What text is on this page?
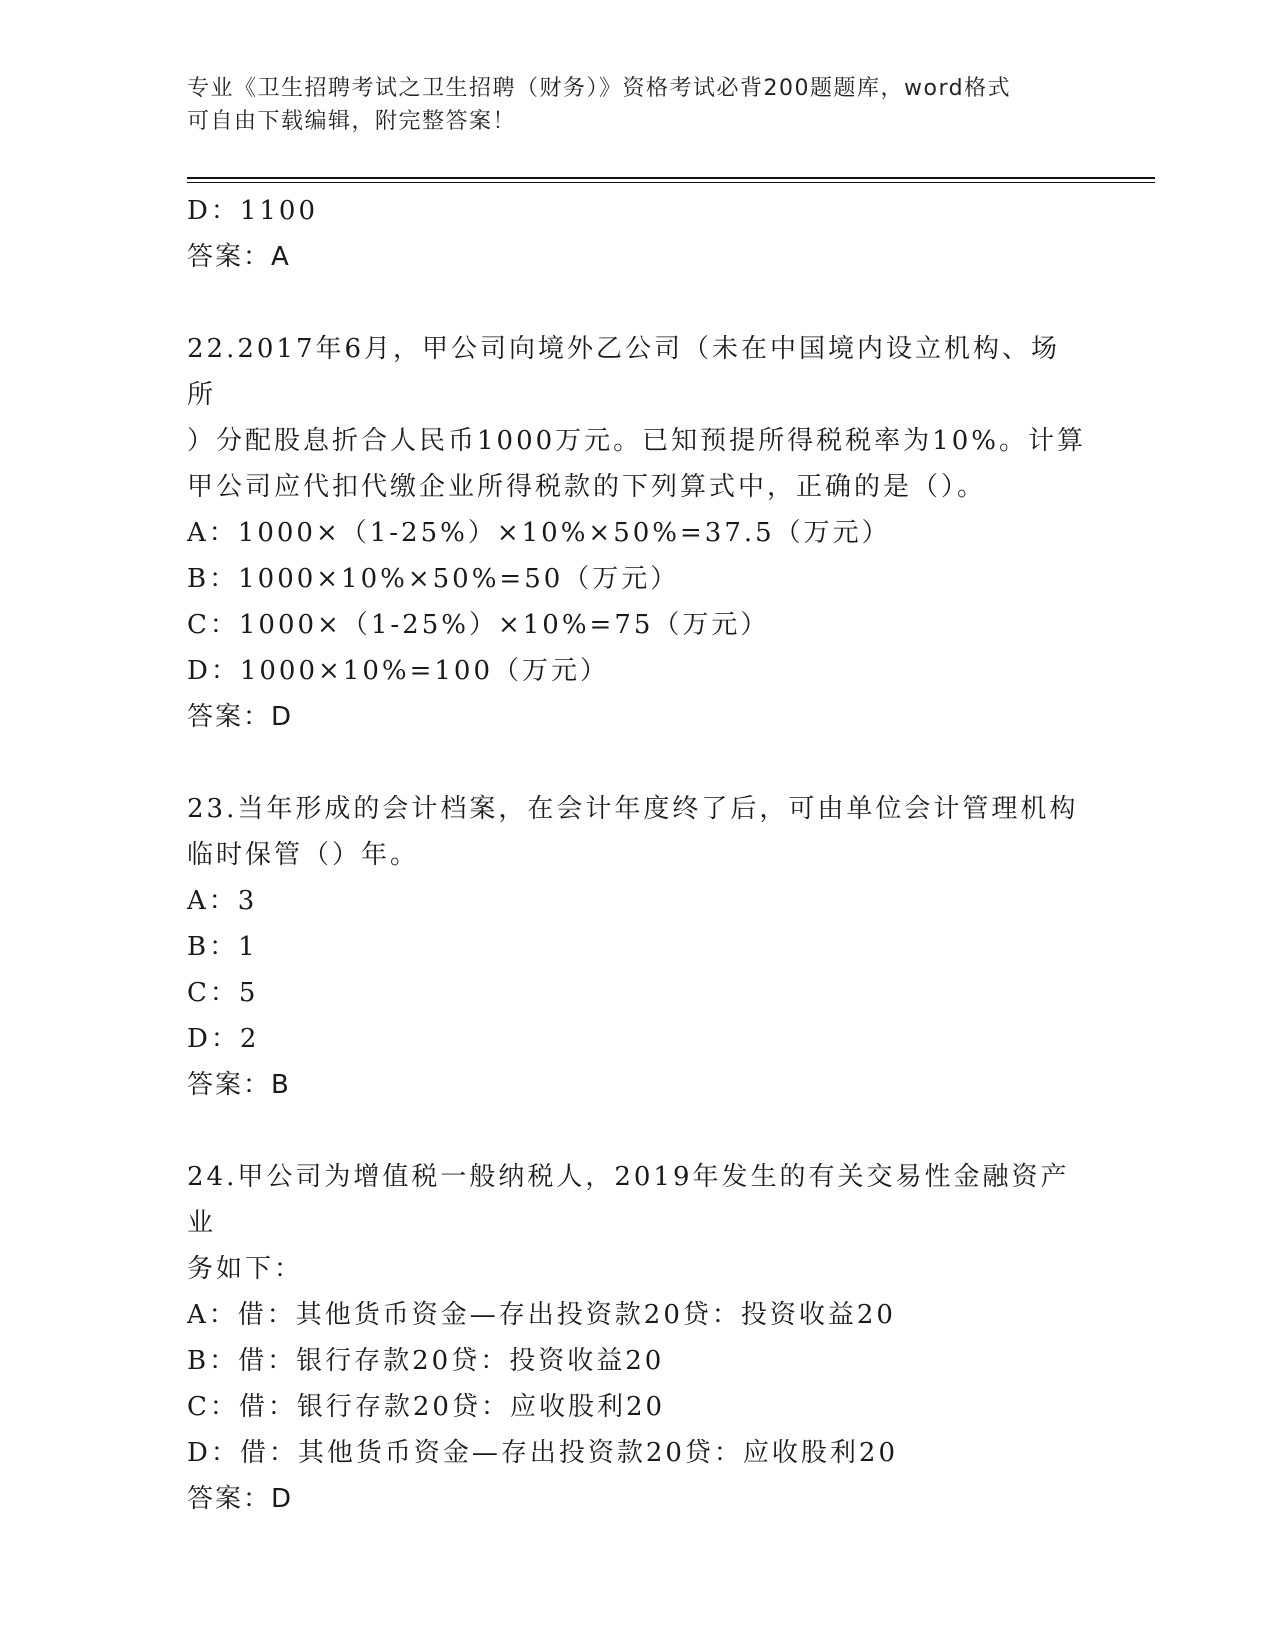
专业《卫生招聘考试之卫生招聘（财务）》资格考试必背200题题库，word格式
可自由下载编辑，附完整答案！

D：1100

答案：A

22.2017年6月，甲公司向境外乙公司（未在中国境内设立机构、场所

）分配股息折合人民币1000万元。已知预提所得税税率为10%。计算

甲公司应代扣代缴企业所得税款的下列算式中，正确的是（）。

A：1000×（1-25%）×10%×50%=37.5（万元）

B：1000×10%×50%=50（万元）

C：1000×（1-25%）×10%=75（万元）

D：1000×10%=100（万元）

答案：D

23.当年形成的会计档案，在会计年度终了后，可由单位会计管理机构

临时保管（）年。

A：3

B：1

C：5

D：2

答案：B

24.甲公司为增值税一般纳税人，2019年发生的有关交易性金融资产业

务如下：

A：借：其他货币资金—存出投资款20贷：投资收益20

B：借：银行存款20贷：投资收益20

C：借：银行存款20贷：应收股利20

D：借：其他货币资金—存出投资款20贷：应收股利20

答案：D
